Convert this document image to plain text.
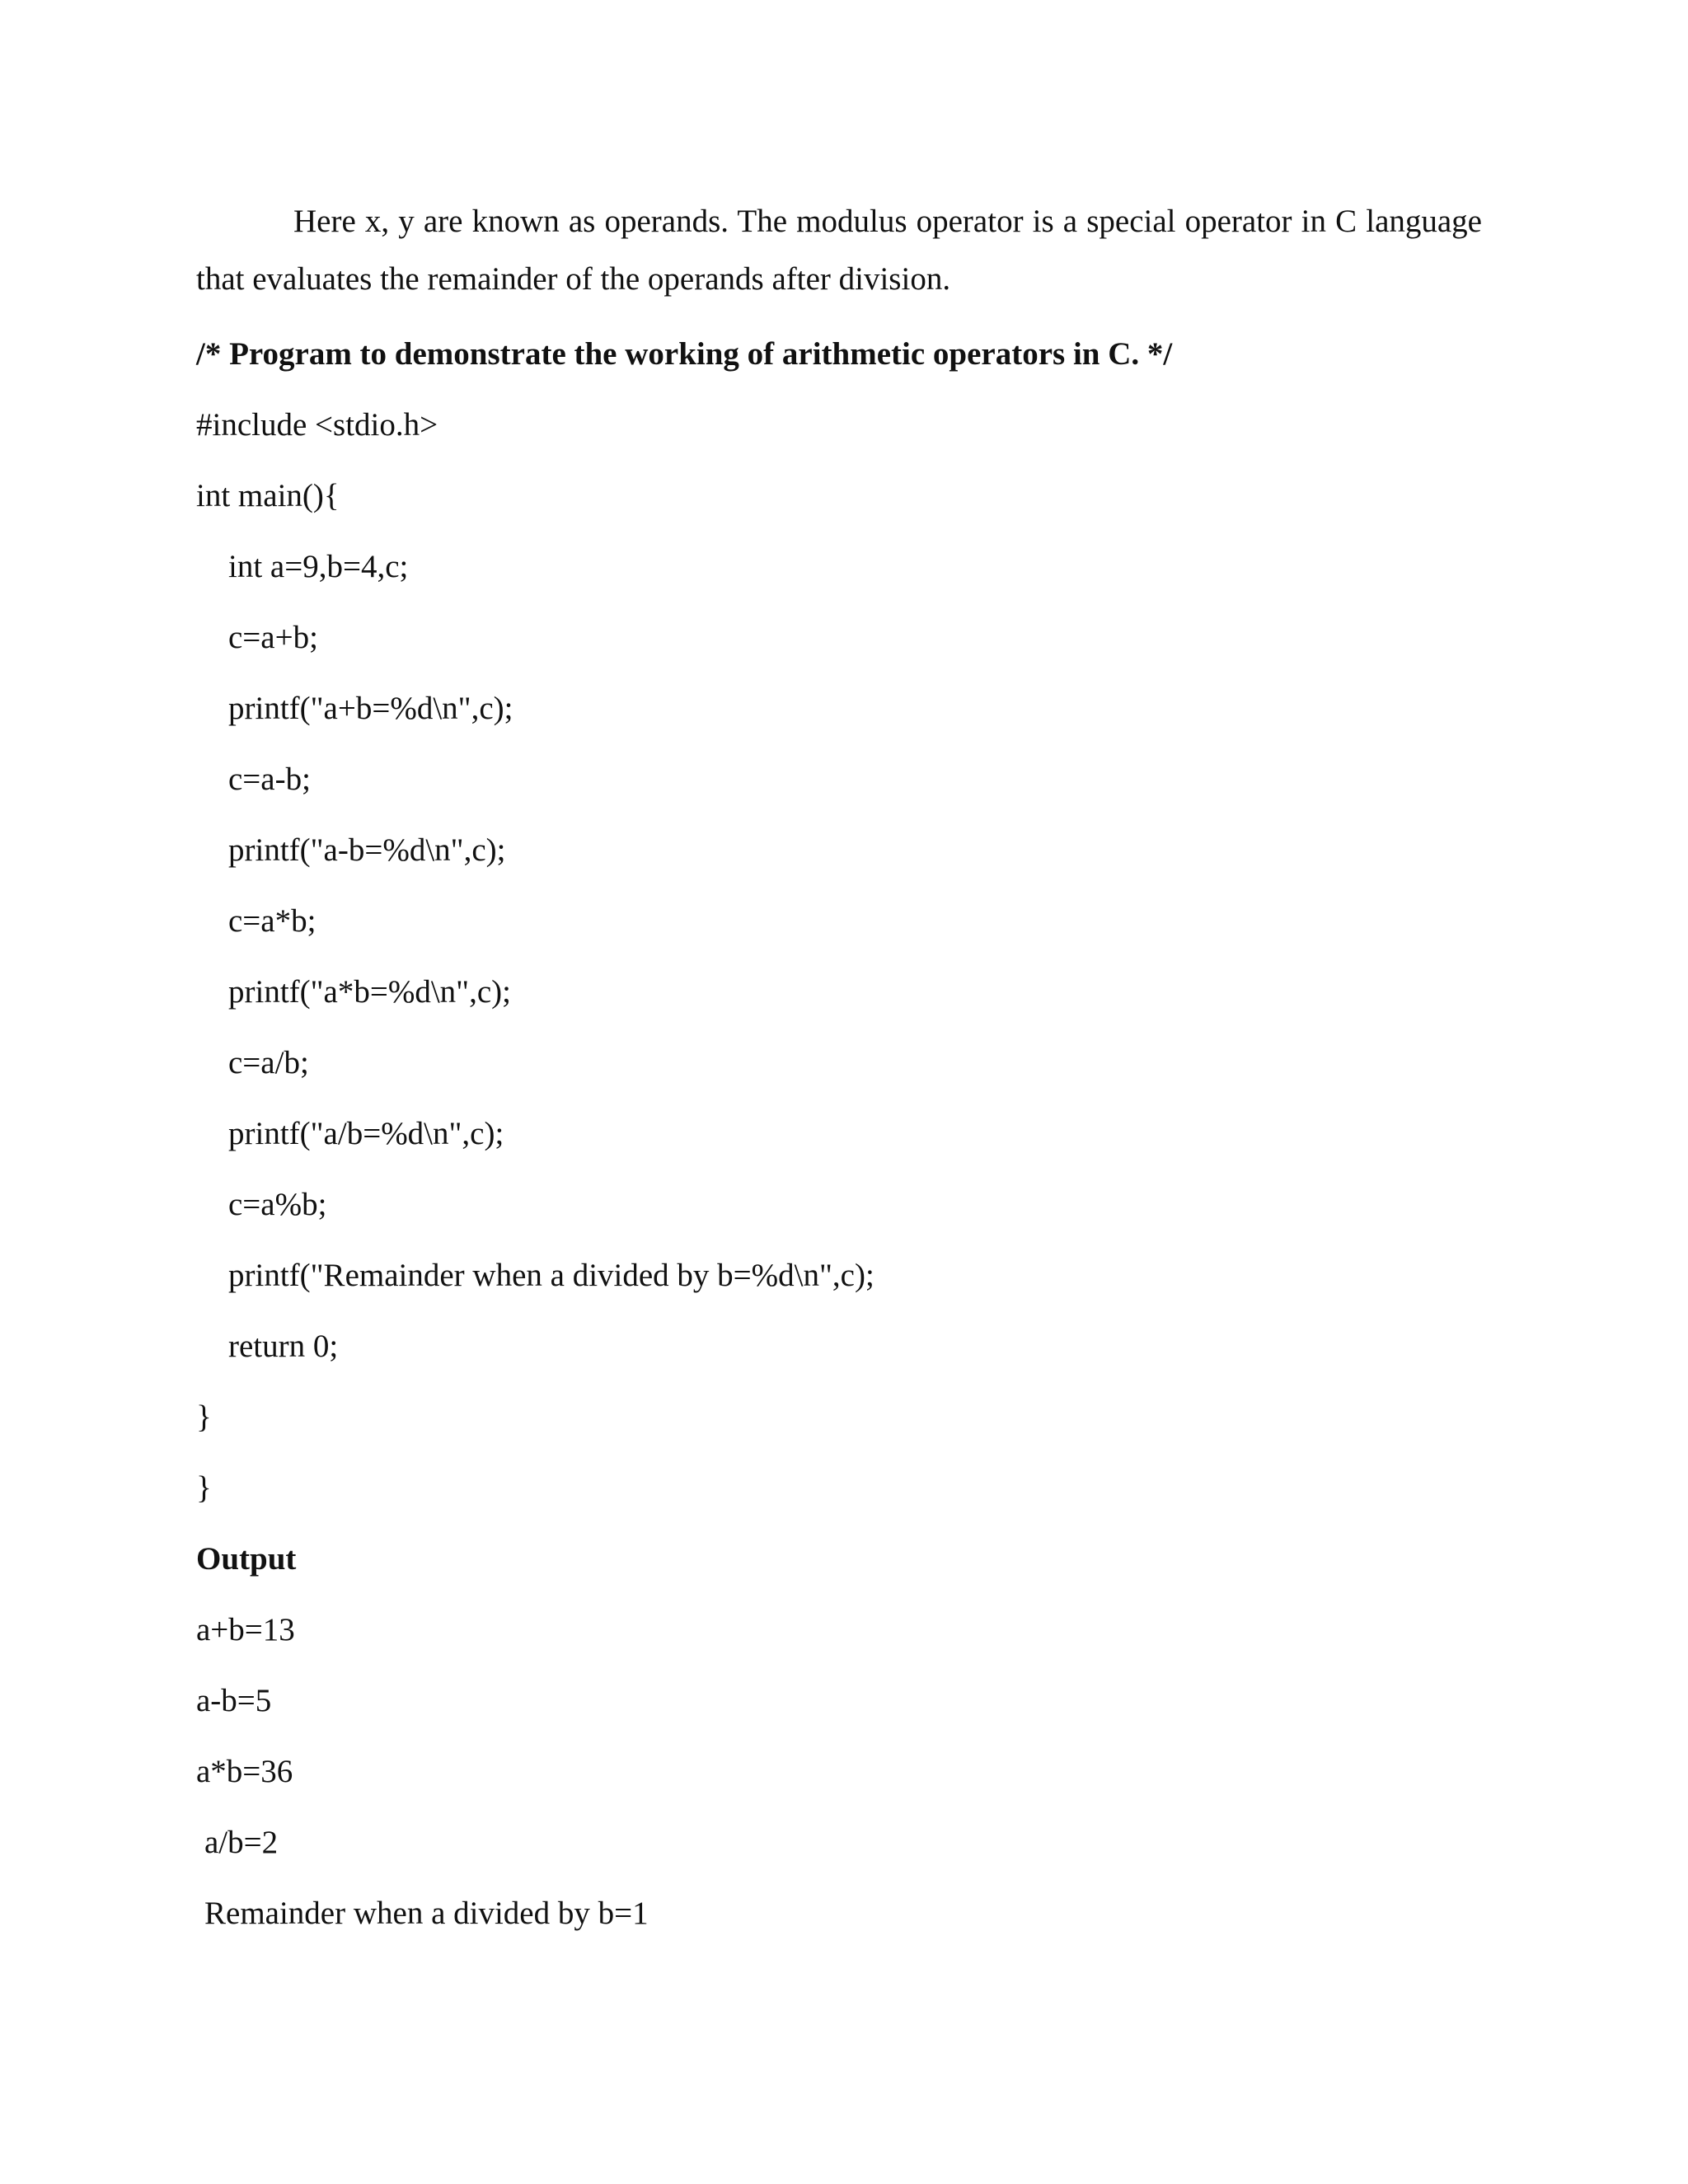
Here x, y are known as operands. The modulus operator is a special operator in C language that evaluates the remainder of the operands after division.
/* Program to demonstrate the working of arithmetic operators in C. */
#include <stdio.h>
int main(){
int a=9,b=4,c;
c=a+b;
printf("a+b=%d\n",c);
c=a-b;
printf("a-b=%d\n",c);
c=a*b;
printf("a*b=%d\n",c);
c=a/b;
printf("a/b=%d\n",c);
c=a%b;
printf("Remainder when a divided by b=%d\n",c);
return 0;
}
}
Output
a+b=13
a-b=5
a*b=36
a/b=2
Remainder when a divided by b=1
